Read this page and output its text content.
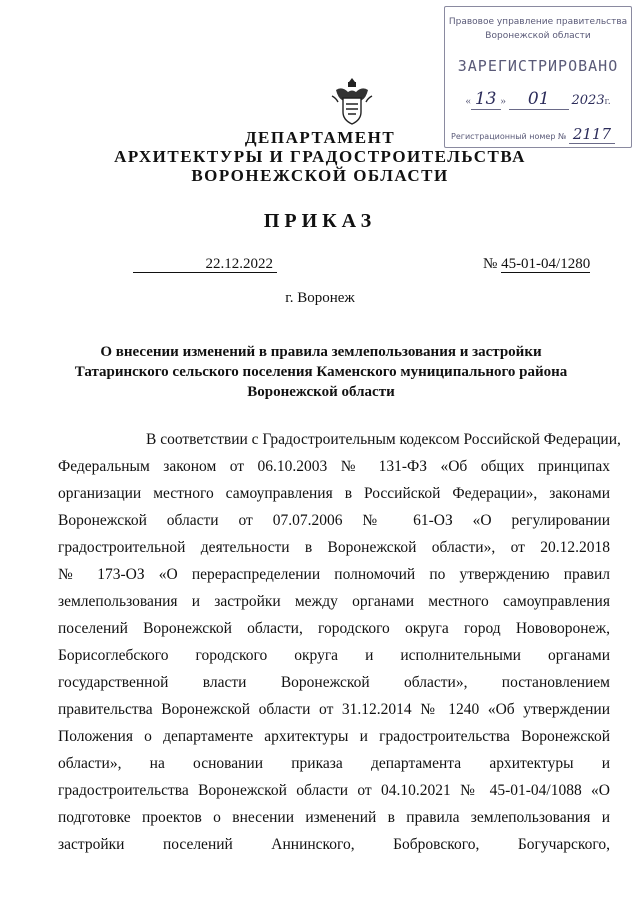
Правовое управление правительства
Воронежской области
ЗАРЕГИСТРИРОВАНО
« 13 » 01 2023г.
Регистрационный номер № 2117
ДЕПАРТАМЕНТ
АРХИТЕКТУРЫ И ГРАДОСТРОИТЕЛЬСТВА
ВОРОНЕЖСКОЙ ОБЛАСТИ
ПРИКАЗ
22.12.2022	№ 45-01-04/1280
г. Воронеж
О внесении изменений в правила землепользования и застройки
Татаринского сельского поселения Каменского муниципального района
Воронежской области
В соответствии с Градостроительным кодексом Российской Федерации,
Федеральным законом от 06.10.2003 № 131-ФЗ «Об общих принципах
организации местного самоуправления в Российской Федерации», законами
Воронежской области от 07.07.2006 № 61-ОЗ «О регулировании
градостроительной деятельности в Воронежской области», от 20.12.2018
№ 173-ОЗ «О перераспределении полномочий по утверждению правил
землепользования и застройки между органами местного самоуправления
поселений Воронежской области, городского округа город Нововоронеж,
Борисоглебского городского округа и исполнительными органами
государственной власти Воронежской области», постановлением
правительства Воронежской области от 31.12.2014 № 1240 «Об утверждении
Положения о департаменте архитектуры и градостроительства Воронежской
области», на основании приказа департамента архитектуры и
градостроительства Воронежской области от 04.10.2021 № 45-01-04/1088 «О
подготовке проектов о внесении изменений в правила землепользования и
застройки поселений Аннинского, Бобровского, Богучарского,
